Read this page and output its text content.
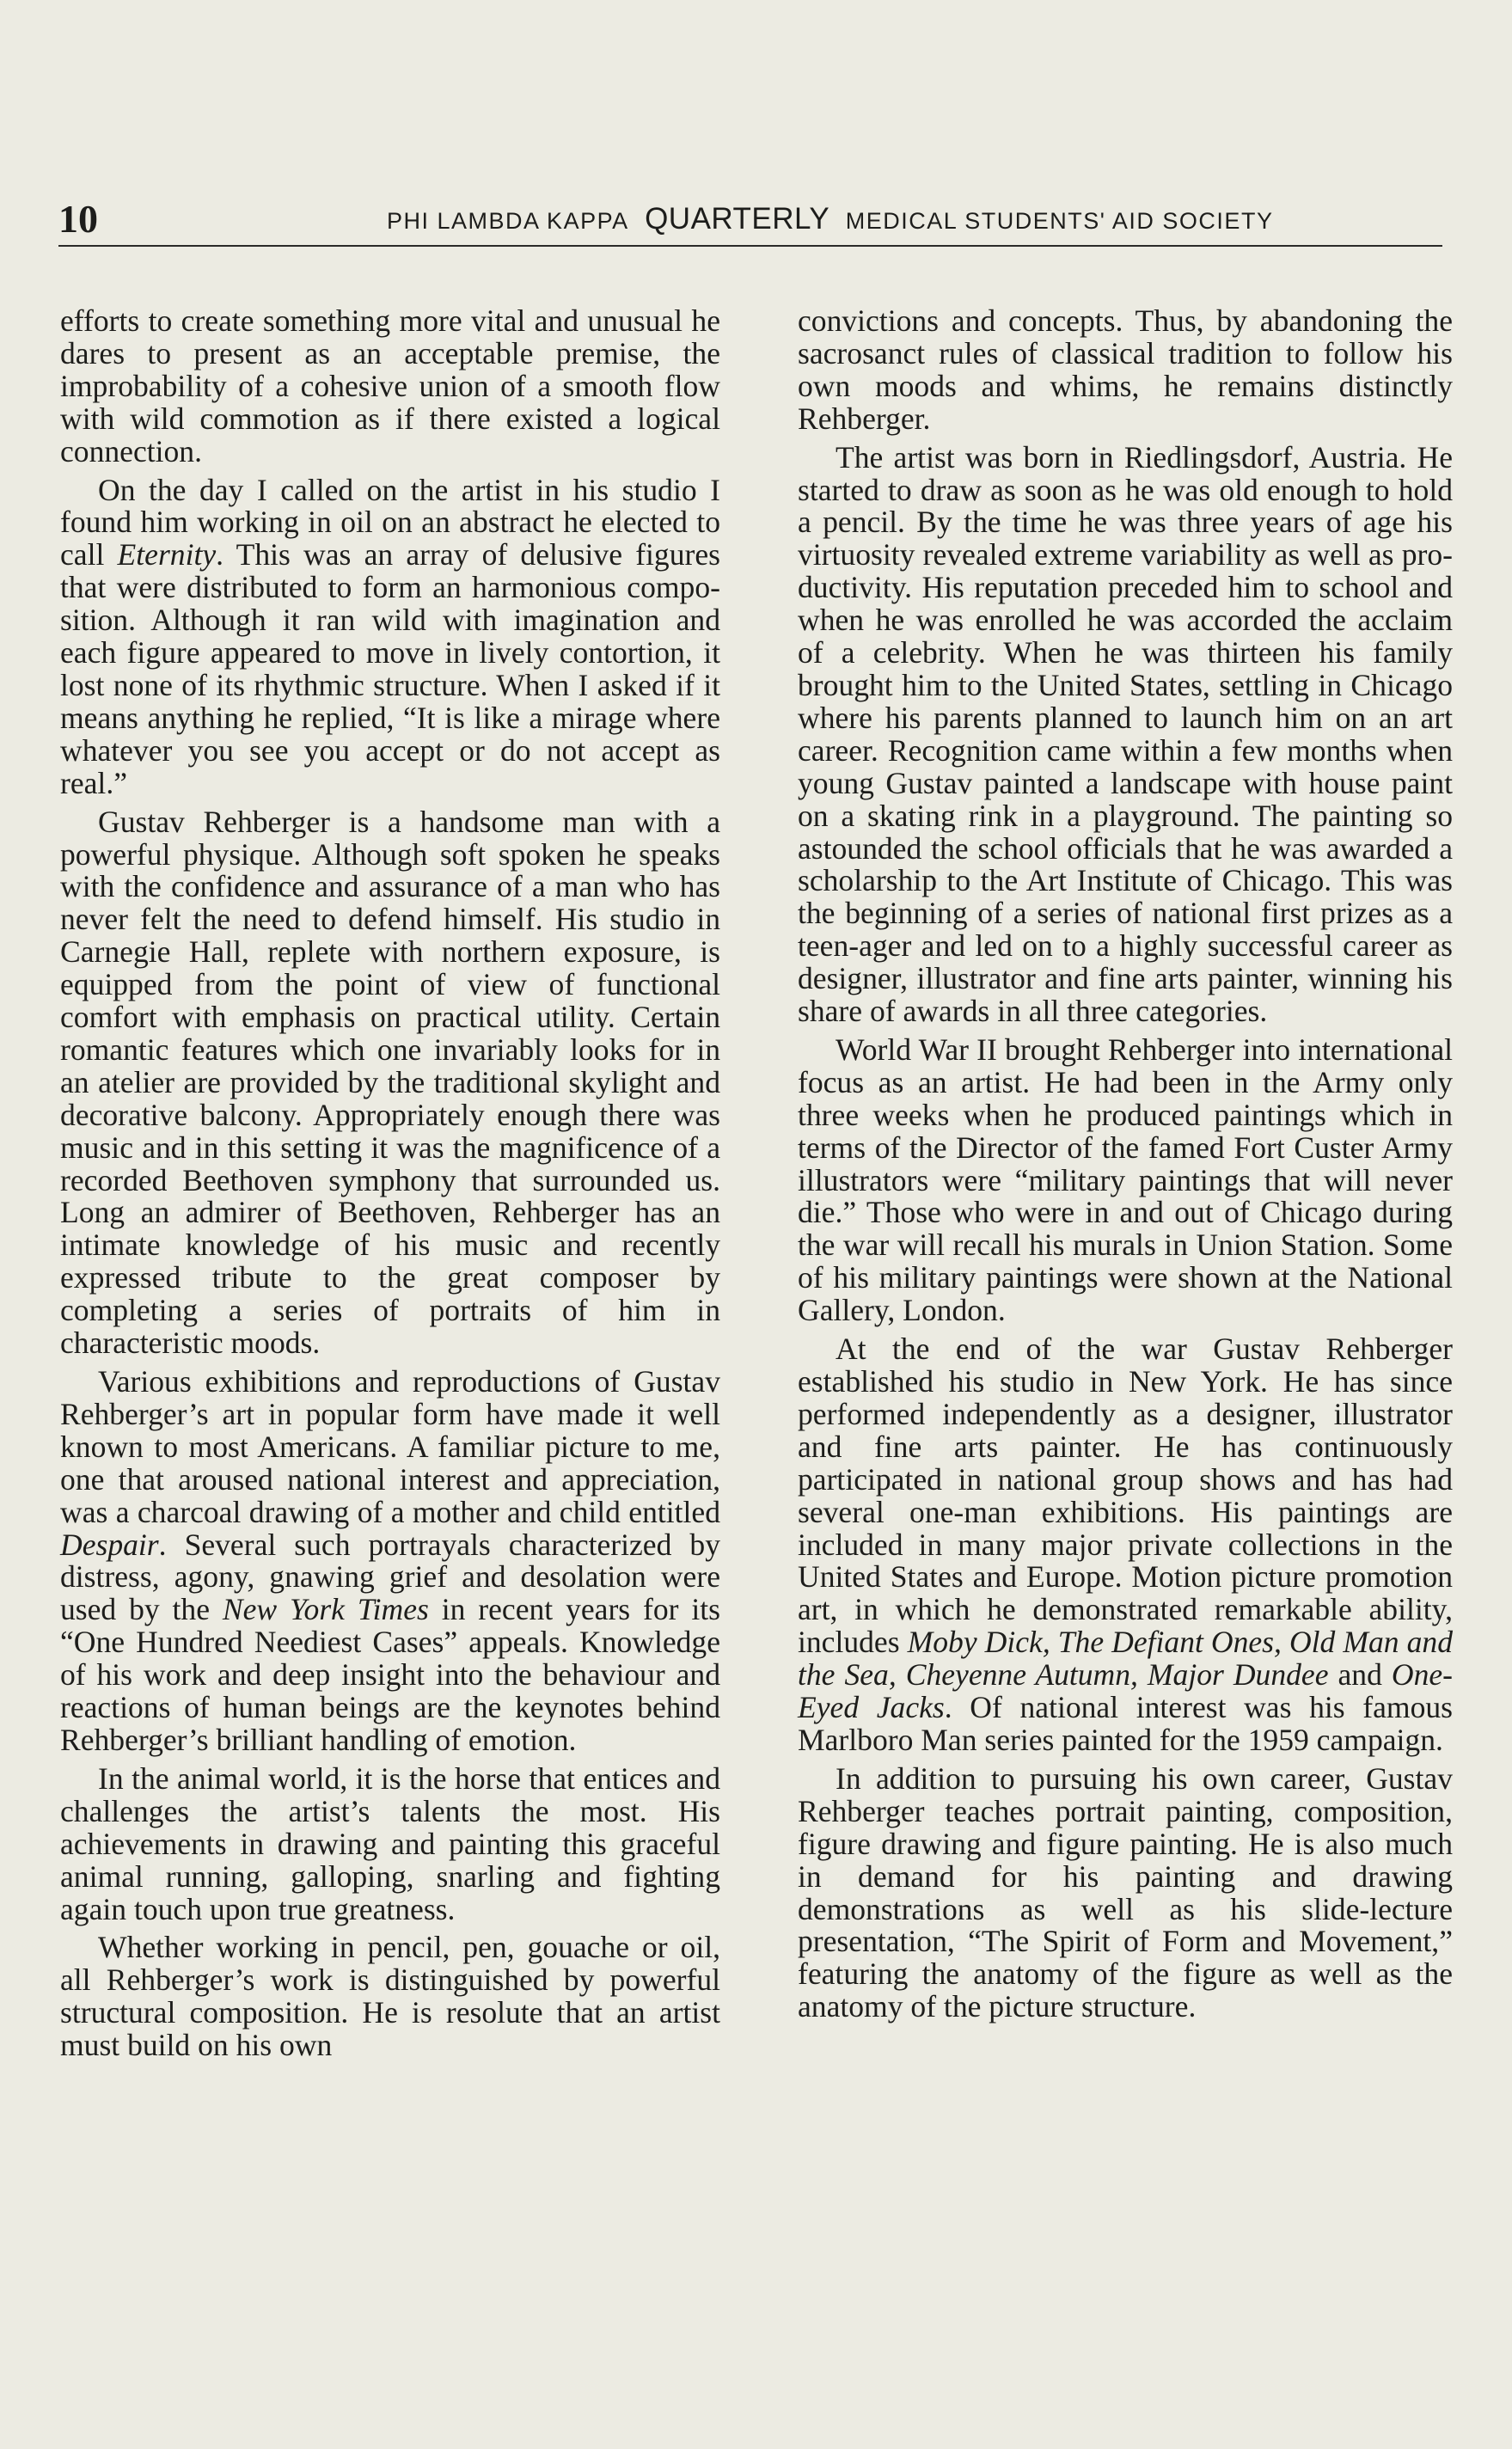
10	PHI LAMBDA KAPPA QUARTERLY MEDICAL STUDENTS' AID SOCIETY

efforts to create something more vital and unusual he dares to present as an acceptable premise, the improbability of a cohesive union of a smooth flow with wild commotion as if there existed a logical connection.

On the day I called on the artist in his studio I found him working in oil on an abstract he elected to call Eternity. This was an array of delusive figures that were distributed to form an harmonious composition. Although it ran wild with imagination and each figure appeared to move in lively contortion, it lost none of its rhythmic structure. When I asked if it means anything he replied, “It is like a mirage where whatever you see you accept or do not accept as real.”

Gustav Rehberger is a handsome man with a powerful physique. Although soft spoken he speaks with the confidence and assurance of a man who has never felt the need to defend himself. His studio in Carnegie Hall, replete with northern exposure, is equipped from the point of view of functional comfort with emphasis on practical utility. Certain romantic features which one invariably looks for in an atelier are provided by the traditional skylight and decorative balcony. Appropriately enough there was music and in this setting it was the magnificence of a recorded Beethoven symphony that surrounded us. Long an admirer of Beethoven, Rehberger has an intimate knowledge of his music and recently expressed tribute to the great composer by completing a series of portraits of him in characteristic moods.

Various exhibitions and reproductions of Gustav Rehberger’s art in popular form have made it well known to most Americans. A familiar picture to me, one that aroused national interest and appreciation, was a charcoal drawing of a mother and child entitled Despair. Several such portrayals characterized by distress, agony, gnawing grief and desolation were used by the New York Times in recent years for its “One Hundred Neediest Cases” appeals. Knowledge of his work and deep insight into the behaviour and reactions of human beings are the keynotes behind Rehberger’s brilliant handling of emotion.

In the animal world, it is the horse that entices and challenges the artist’s talents the most. His achievements in drawing and painting this graceful animal running, galloping, snarling and fighting again touch upon true greatness.

Whether working in pencil, pen, gouache or oil, all Rehberger’s work is distinguished by powerful structural composition. He is resolute that an artist must build on his own

convictions and concepts. Thus, by abandoning the sacrosanct rules of classical tradition to follow his own moods and whims, he remains distinctly Rehberger.

The artist was born in Riedlingsdorf, Austria. He started to draw as soon as he was old enough to hold a pencil. By the time he was three years of age his virtuosity revealed extreme variability as well as productivity. His reputation preceded him to school and when he was enrolled he was accorded the acclaim of a celebrity. When he was thirteen his family brought him to the United States, settling in Chicago where his parents planned to launch him on an art career. Recognition came within a few months when young Gustav painted a landscape with house paint on a skating rink in a playground. The painting so astounded the school officials that he was awarded a scholarship to the Art Institute of Chicago. This was the beginning of a series of national first prizes as a teen-ager and led on to a highly successful career as designer, illustrator and fine arts painter, winning his share of awards in all three categories.

World War II brought Rehberger into international focus as an artist. He had been in the Army only three weeks when he produced paintings which in terms of the Director of the famed Fort Custer Army illustrators were “military paintings that will never die.” Those who were in and out of Chicago during the war will recall his murals in Union Station. Some of his military paintings were shown at the National Gallery, London.

At the end of the war Gustav Rehberger established his studio in New York. He has since performed independently as a designer, illustrator and fine arts painter. He has continuously participated in national group shows and has had several one-man exhibitions. His paintings are included in many major private collections in the United States and Europe. Motion picture promotion art, in which he demonstrated remarkable ability, includes Moby Dick, The Defiant Ones, Old Man and the Sea, Cheyenne Autumn, Major Dundee and One-Eyed Jacks. Of national interest was his famous Marlboro Man series painted for the 1959 campaign.

In addition to pursuing his own career, Gustav Rehberger teaches portrait painting, composition, figure drawing and figure painting. He is also much in demand for his painting and drawing demonstrations as well as his slide-lecture presentation, “The Spirit of Form and Movement,” featuring the anatomy of the figure as well as the anatomy of the picture structure.
